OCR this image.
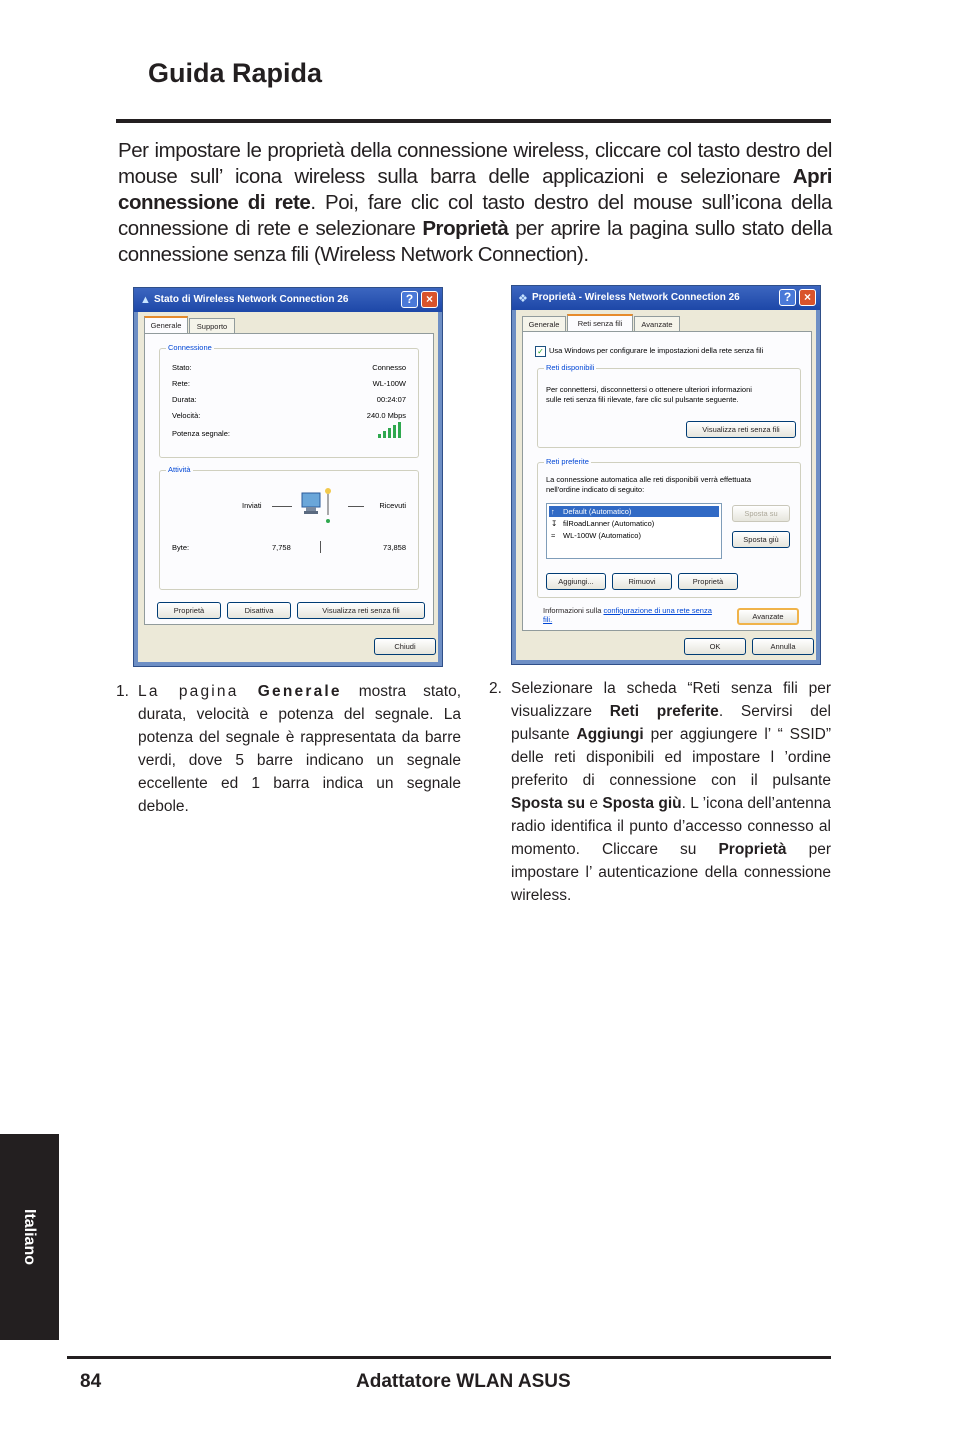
Guida Rapida

Per impostare le proprietà della connessione wireless, cliccare col tasto destro del mouse sull’ icona wireless sulla barra delle applicazioni e selezionare Apri connessione di rete. Poi, fare clic col tasto destro del mouse sull’icona della connessione di rete e selezionare Proprietà per aprire la pagina sullo stato della connessione senza fili (Wireless Network Connection).

▲ Stato di Wireless Network Connection 26	?	×
Generale	Supporto
Connessione
Stato:	Connesso
Rete:	WL-100W
Durata:	00:24:07
Velocità:	240.0 Mbps
Potenza segnale:
Attività
Inviati	Ricevuti
Byte:	7,758	73,858
Proprietà	Disattiva	Visualizza reti senza fili
Chiudi
❖ Proprietà - Wireless Network Connection 26	?	×
Generale	Reti senza fili	Avanzate
✓ Usa Windows per configurare le impostazioni della rete senza fili
Reti disponibili
Per connettersi, disconnettersi o ottenere ulteriori informazioni
sulle reti senza fili rilevate, fare clic sul pulsante seguente.
Visualizza reti senza fili
Reti preferite
La connessione automatica alle reti disponibili verrà effettuata
nell'ordine indicato di seguito:
↑ Default (Automatico)
↧ filRoadLanner (Automatico)
≈ WL-100W (Automatico)
Sposta su
Sposta giù
Aggiungi...	Rimuovi	Proprietà
Informazioni sulla configurazione di una rete senza fili.	Avanzate
OK	Annulla

1. La pagina Generale mostra stato, durata, velocità e potenza del segnale. La potenza del segnale è rappresentata da barre verdi, dove 5 barre indicano un segnale eccellente ed 1 barra indica un segnale debole.

2. Selezionare la scheda “Reti senza fili per visualizzare Reti preferite. Servirsi del pulsante Aggiungi per aggiungere l’ “ SSID” delle reti disponibili ed impostare l ’ordine preferito di connessione con il pulsante Sposta su e Sposta giù. L ’icona dell’antenna radio identifica il punto d’accesso connesso al momento. Cliccare su Proprietà per impostare l’ autenticazione della connessione wireless.

Italiano
84	Adattatore WLAN ASUS
